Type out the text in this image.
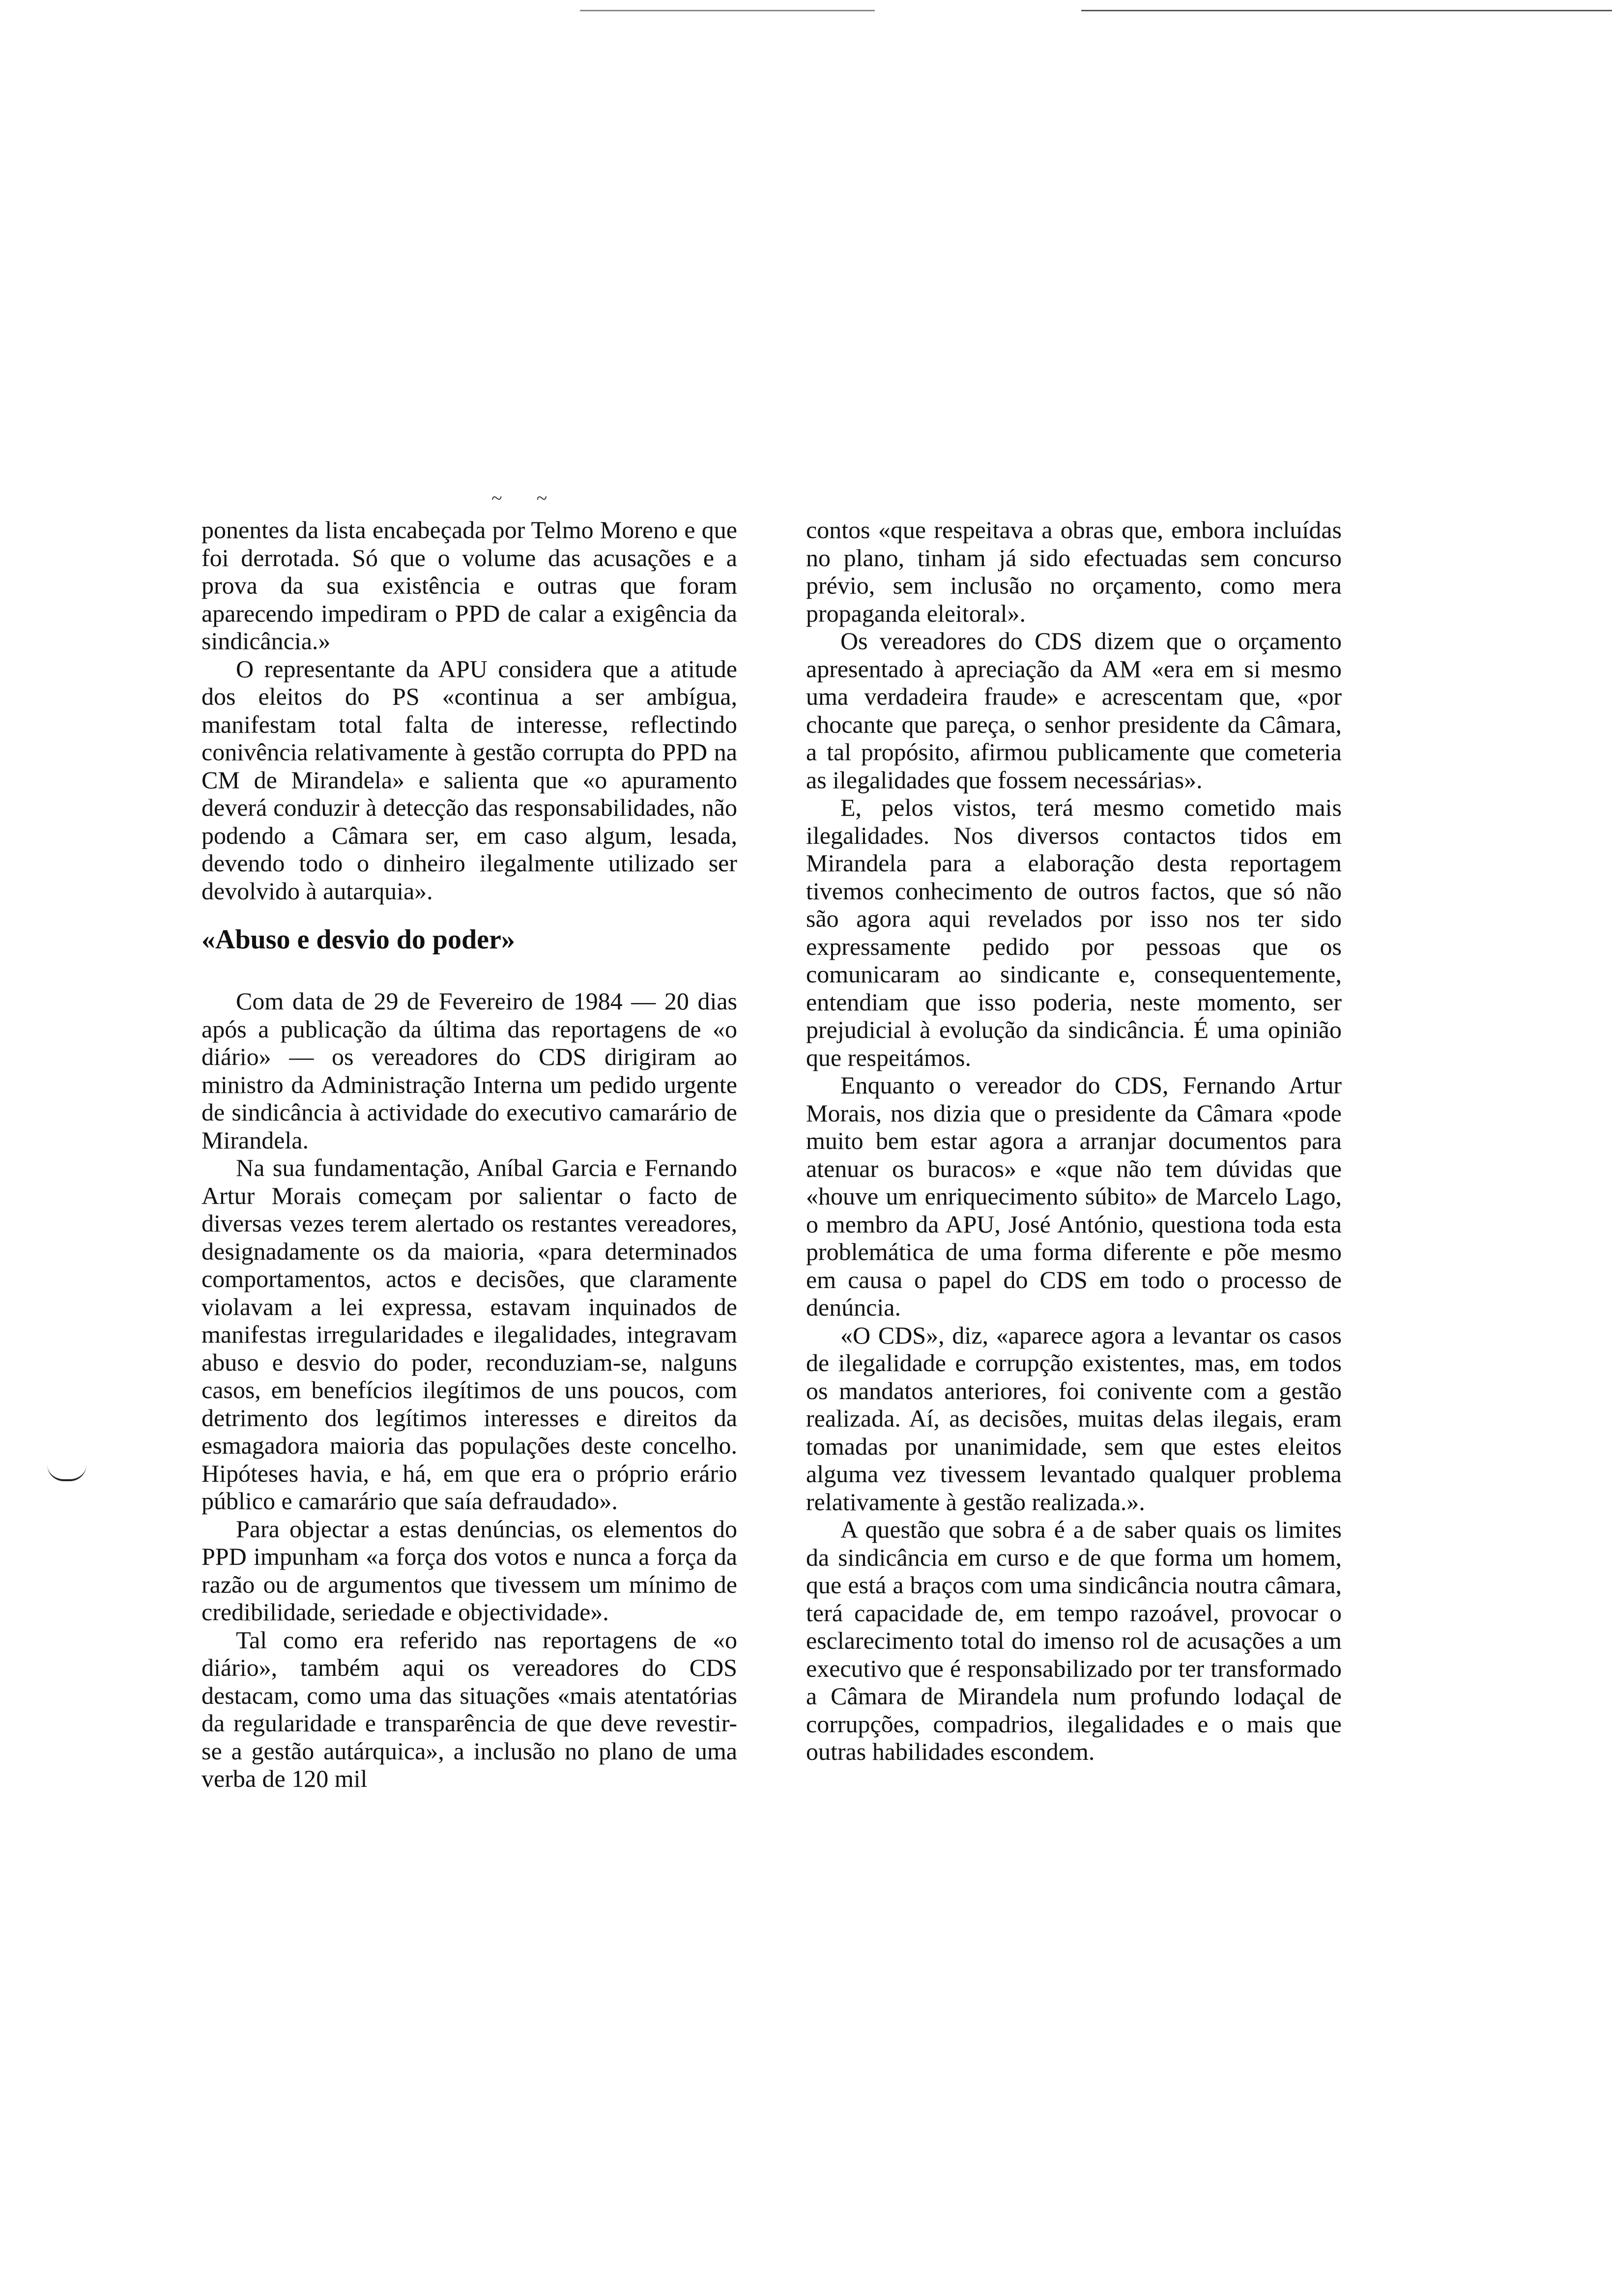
~ ~

ponentes da lista encabeçada por Telmo Moreno e que foi derrotada. Só que o volume das acusações e a prova da sua existência e outras que foram aparecendo impediram o PPD de calar a exigência da sindicância.»

O representante da APU considera que a atitude dos eleitos do PS «continua a ser ambígua, manifestam total falta de interesse, reflectindo conivência relativamente à gestão corrupta do PPD na CM de Mirandela» e salienta que «o apuramento deverá conduzir à detecção das responsabilidades, não podendo a Câmara ser, em caso algum, lesada, devendo todo o dinheiro ilegalmente utilizado ser devolvido à autarquia».

«Abuso e desvio do poder»

Com data de 29 de Fevereiro de 1984 — 20 dias após a publicação da última das reportagens de «o diário» — os vereadores do CDS dirigiram ao ministro da Administração Interna um pedido urgente de sindicância à actividade do executivo camarário de Mirandela.

Na sua fundamentação, Aníbal Garcia e Fernando Artur Morais começam por salientar o facto de diversas vezes terem alertado os restantes vereadores, designadamente os da maioria, «para determinados comportamentos, actos e decisões, que claramente violavam a lei expressa, estavam inquinados de manifestas irregularidades e ilegalidades, integravam abuso e desvio do poder, reconduziam-se, nalguns casos, em benefícios ilegítimos de uns poucos, com detrimento dos legítimos interesses e direitos da esmagadora maioria das populações deste concelho. Hipóteses havia, e há, em que era o próprio erário público e camarário que saía defraudado».

Para objectar a estas denúncias, os elementos do PPD impunham «a força dos votos e nunca a força da razão ou de argumentos que tivessem um mínimo de credibilidade, seriedade e objectividade».

Tal como era referido nas reportagens de «o diário», também aqui os vereadores do CDS destacam, como uma das situações «mais atentatórias da regularidade e transparência de que deve revestir-se a gestão autárquica», a inclusão no plano de uma verba de 120 mil

contos «que respeitava a obras que, embora incluídas no plano, tinham já sido efectuadas sem concurso prévio, sem inclusão no orçamento, como mera propaganda eleitoral».

Os vereadores do CDS dizem que o orçamento apresentado à apreciação da AM «era em si mesmo uma verdadeira fraude» e acrescentam que, «por chocante que pareça, o senhor presidente da Câmara, a tal propósito, afirmou publicamente que cometeria as ilegalidades que fossem necessárias».

E, pelos vistos, terá mesmo cometido mais ilegalidades. Nos diversos contactos tidos em Mirandela para a elaboração desta reportagem tivemos conhecimento de outros factos, que só não são agora aqui revelados por isso nos ter sido expressamente pedido por pessoas que os comunicaram ao sindicante e, consequentemente, entendiam que isso poderia, neste momento, ser prejudicial à evolução da sindicância. É uma opinião que respeitámos.

Enquanto o vereador do CDS, Fernando Artur Morais, nos dizia que o presidente da Câmara «pode muito bem estar agora a arranjar documentos para atenuar os buracos» e «que não tem dúvidas que «houve um enriquecimento súbito» de Marcelo Lago, o membro da APU, José António, questiona toda esta problemática de uma forma diferente e põe mesmo em causa o papel do CDS em todo o processo de denúncia.

«O CDS», diz, «aparece agora a levantar os casos de ilegalidade e corrupção existentes, mas, em todos os mandatos anteriores, foi conivente com a gestão realizada. Aí, as decisões, muitas delas ilegais, eram tomadas por unanimidade, sem que estes eleitos alguma vez tivessem levantado qualquer problema relativamente à gestão realizada.».

A questão que sobra é a de saber quais os limites da sindicância em curso e de que forma um homem, que está a braços com uma sindicância noutra câmara, terá capacidade de, em tempo razoável, provocar o esclarecimento total do imenso rol de acusações a um executivo que é responsabilizado por ter transformado a Câmara de Mirandela num profundo lodaçal de corrupções, compadrios, ilegalidades e o mais que outras habilidades escondem.
